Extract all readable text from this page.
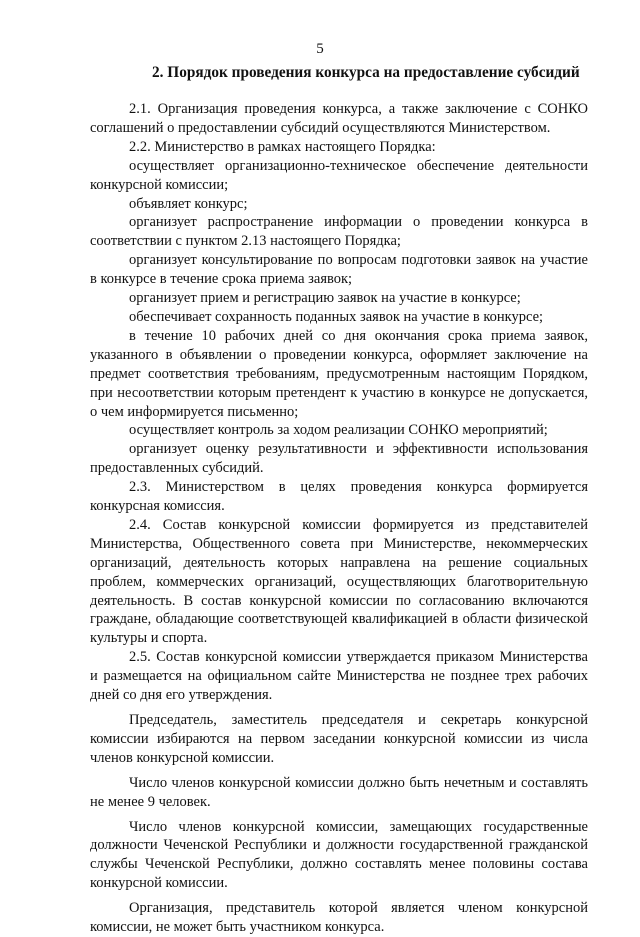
5
2. Порядок проведения конкурса на предоставление субсидий

2.1. Организация проведения конкурса, а также заключение с СОНКО соглашений о предоставлении субсидий осуществляются Министерством.

2.2. Министерство в рамках настоящего Порядка:

осуществляет организационно-техническое обеспечение деятельности конкурсной комиссии;

объявляет конкурс;

организует распространение информации о проведении конкурса в соответствии с пунктом 2.13 настоящего Порядка;

организует консультирование по вопросам подготовки заявок на участие в конкурсе в течение срока приема заявок;

организует прием и регистрацию заявок на участие в конкурсе;

обеспечивает сохранность поданных заявок на участие в конкурсе;

в течение 10 рабочих дней со дня окончания срока приема заявок, указанного в объявлении о проведении конкурса, оформляет заключение на предмет соответствия требованиям, предусмотренным настоящим Порядком, при несоответствии которым претендент к участию в конкурсе не допускается, о чем информируется письменно;

осуществляет контроль за ходом реализации СОНКО мероприятий;

организует оценку результативности и эффективности использования предоставленных субсидий.

2.3. Министерством в целях проведения конкурса формируется конкурсная комиссия.

2.4. Состав конкурсной комиссии формируется из представителей Министерства, Общественного совета при Министерстве, некоммерческих организаций, деятельность которых направлена на решение социальных проблем, коммерческих организаций, осуществляющих благотворительную деятельность. В состав конкурсной комиссии по согласованию включаются граждане, обладающие соответствующей квалификацией в области физической культуры и спорта.

2.5. Состав конкурсной комиссии утверждается приказом Министерства и размещается на официальном сайте Министерства не позднее трех рабочих дней со дня его утверждения.

Председатель, заместитель председателя и секретарь конкурсной комиссии избираются на первом заседании конкурсной комиссии из числа членов конкурсной комиссии.

Число членов конкурсной комиссии должно быть нечетным и составлять не менее 9 человек.

Число членов конкурсной комиссии, замещающих государственные должности Чеченской Республики и должности государственной гражданской службы Чеченской Республики, должно составлять менее половины состава конкурсной комиссии.

Организация, представитель которой является членом конкурсной комиссии, не может быть участником конкурса.
